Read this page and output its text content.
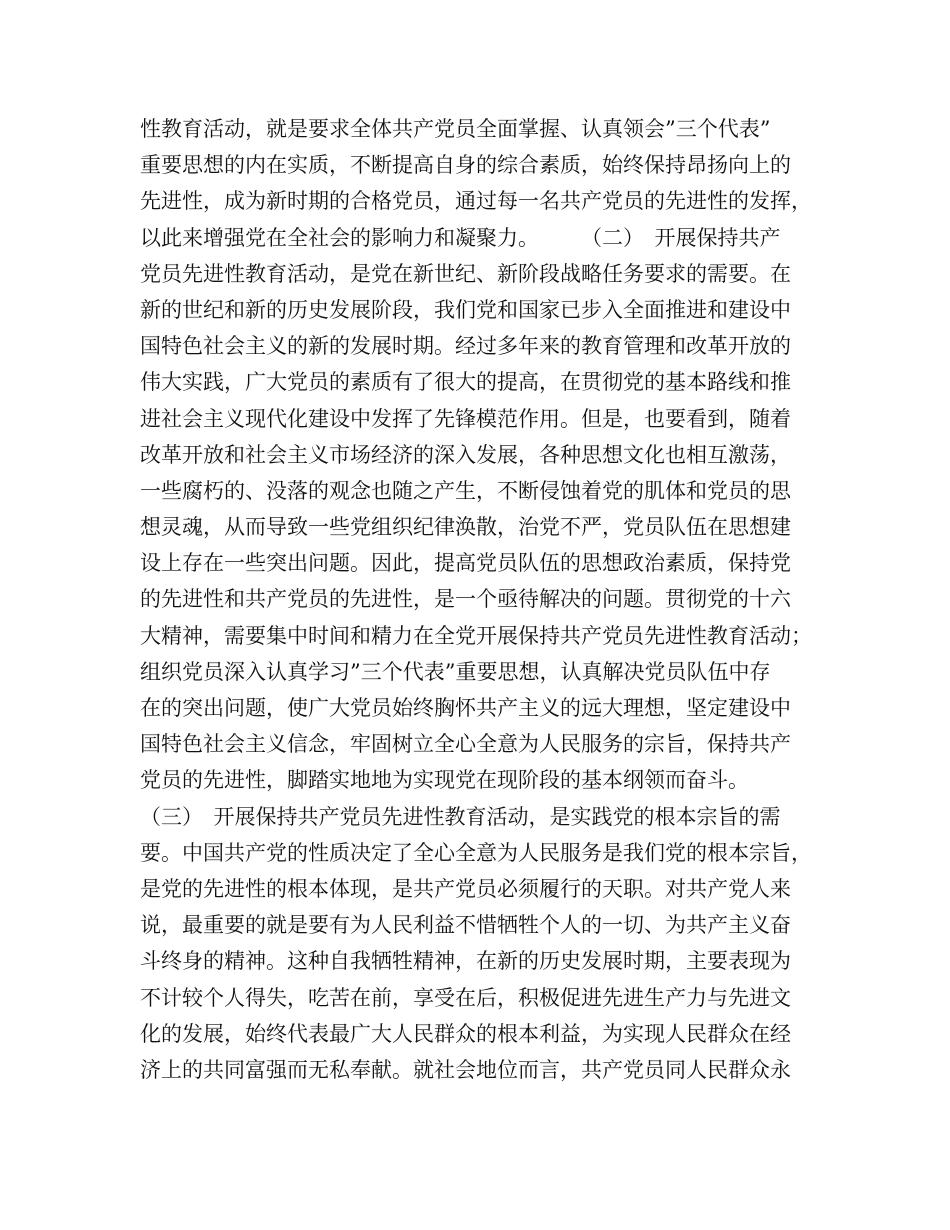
性教育活动，就是要求全体共产党员全面掌握、认真领会”三个代表”
重要思想的内在实质，不断提高自身的综合素质，始终保持昂扬向上的
先进性，成为新时期的合格党员，通过每一名共产党员的先进性的发挥，
以此来增强党在全社会的影响力和凝聚力。　　　（二）　开展保持共产
党员先进性教育活动，是党在新世纪、新阶段战略任务要求的需要。在
新的世纪和新的历史发展阶段，我们党和国家已步入全面推进和建设中
国特色社会主义的新的发展时期。经过多年来的教育管理和改革开放的
伟大实践，广大党员的素质有了很大的提高，在贯彻党的基本路线和推
进社会主义现代化建设中发挥了先锋模范作用。但是，也要看到，随着
改革开放和社会主义市场经济的深入发展，各种思想文化也相互激荡，
一些腐朽的、没落的观念也随之产生，不断侵蚀着党的肌体和党员的思
想灵魂，从而导致一些党组织纪律涣散，治党不严，党员队伍在思想建
设上存在一些突出问题。因此，提高党员队伍的思想政治素质，保持党
的先进性和共产党员的先进性，是一个亟待解决的问题。贯彻党的十六
大精神，需要集中时间和精力在全党开展保持共产党员先进性教育活动；
组织党员深入认真学习”三个代表”重要思想，认真解决党员队伍中存
在的突出问题，使广大党员始终胸怀共产主义的远大理想，坚定建设中
国特色社会主义信念，牢固树立全心全意为人民服务的宗旨，保持共产
党员的先进性，脚踏实地地为实现党在现阶段的基本纲领而奋斗。
（三）　开展保持共产党员先进性教育活动，是实践党的根本宗旨的需
要。中国共产党的性质决定了全心全意为人民服务是我们党的根本宗旨，
是党的先进性的根本体现，是共产党员必须履行的天职。对共产党人来
说，最重要的就是要有为人民利益不惜牺牲个人的一切、为共产主义奋
斗终身的精神。这种自我牺牲精神，在新的历史发展时期，主要表现为
不计较个人得失，吃苦在前，享受在后，积极促进先进生产力与先进文
化的发展，始终代表最广大人民群众的根本利益，为实现人民群众在经
济上的共同富强而无私奉献。就社会地位而言，共产党员同人民群众永
